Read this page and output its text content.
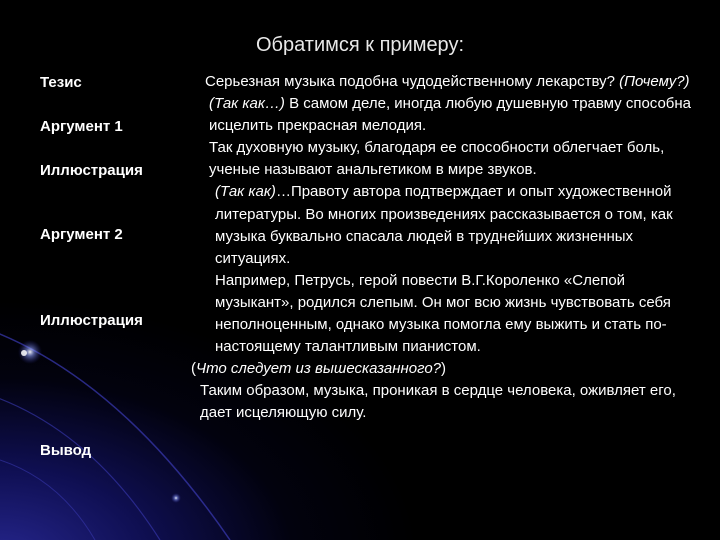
Обратимся к примеру:
Тезис
Аргумент 1
Иллюстрация
Аргумент 2
Иллюстрация
Вывод

Серьезная музыка подобна чудодейственному лекарству? (Почему?)

(Так как…) В самом деле, иногда любую душевную травму способна исцелить прекрасная мелодия.

Так духовную музыку, благодаря ее способности облегчает боль, ученые называют анальгетиком в мире звуков.

(Так как)…Правоту автора подтверждает и опыт художественной литературы. Во многих произведениях рассказывается о том, как музыка буквально спасала людей в труднейших жизненных ситуациях.

Например, Петрусь, герой повести В.Г.Короленко «Слепой музыкант», родился слепым. Он мог всю жизнь чувствовать себя неполноценным, однако музыка помогла ему выжить и стать по-настоящему талантливым пианистом.

(Что следует из вышесказанного?)

Таким образом, музыка, проникая в сердце человека, оживляет его, дает исцеляющую силу.
